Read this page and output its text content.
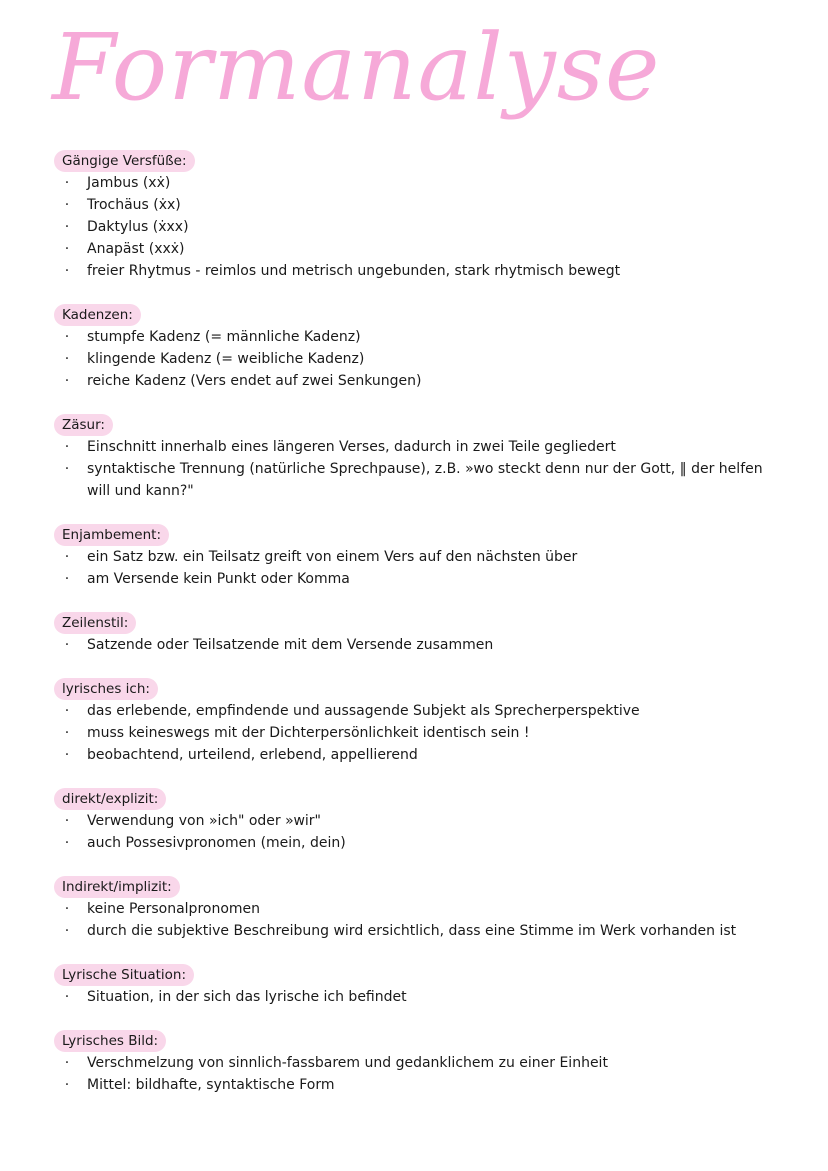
Formanalyse
Gängige Versfüße:
· Jambus (xẋ)
· Trochäus (ẋx)
· Daktylus (ẋxx)
· Anapäst (xxẋ)
· freier Rhytmus - reimlos und metrisch ungebunden, stark rhytmisch bewegt
Kadenzen:
· stumpfe Kadenz (= männliche Kadenz)
· klingende Kadenz (= weibliche Kadenz)
· reiche Kadenz (Vers endet auf zwei Senkungen)
Zäsur:
· Einschnitt innerhalb eines längeren Verses, dadurch in zwei Teile gegliedert
· syntaktische Trennung (natürliche Sprechpause), z.B. »wo steckt denn nur der Gott, ‖ der helfen will und kann?"
Enjambement:
· ein Satz bzw. ein Teilsatz greift von einem Vers auf den nächsten über
· am Versende kein Punkt oder Komma
Zeilenstil:
· Satzende oder Teilsatzende mit dem Versende zusammen
lyrisches ich:
· das erlebende, empfindende und aussagende Subjekt als Sprecherperspektive
· muss keineswegs mit der Dichterpersönlichkeit identisch sein !
· beobachtend, urteilend, erlebend, appellierend
direkt/explizit:
· Verwendung von »ich" oder »wir"
· auch Possesivpronomen (mein, dein)
Indirekt/implizit:
· keine Personalpronomen
· durch die subjektive Beschreibung wird ersichtlich, dass eine Stimme im Werk vorhanden ist
Lyrische Situation:
· Situation, in der sich das lyrische ich befindet
Lyrisches Bild:
· Verschmelzung von sinnlich-fassbarem und gedanklichem zu einer Einheit
· Mittel: bildhafte, syntaktische Form
